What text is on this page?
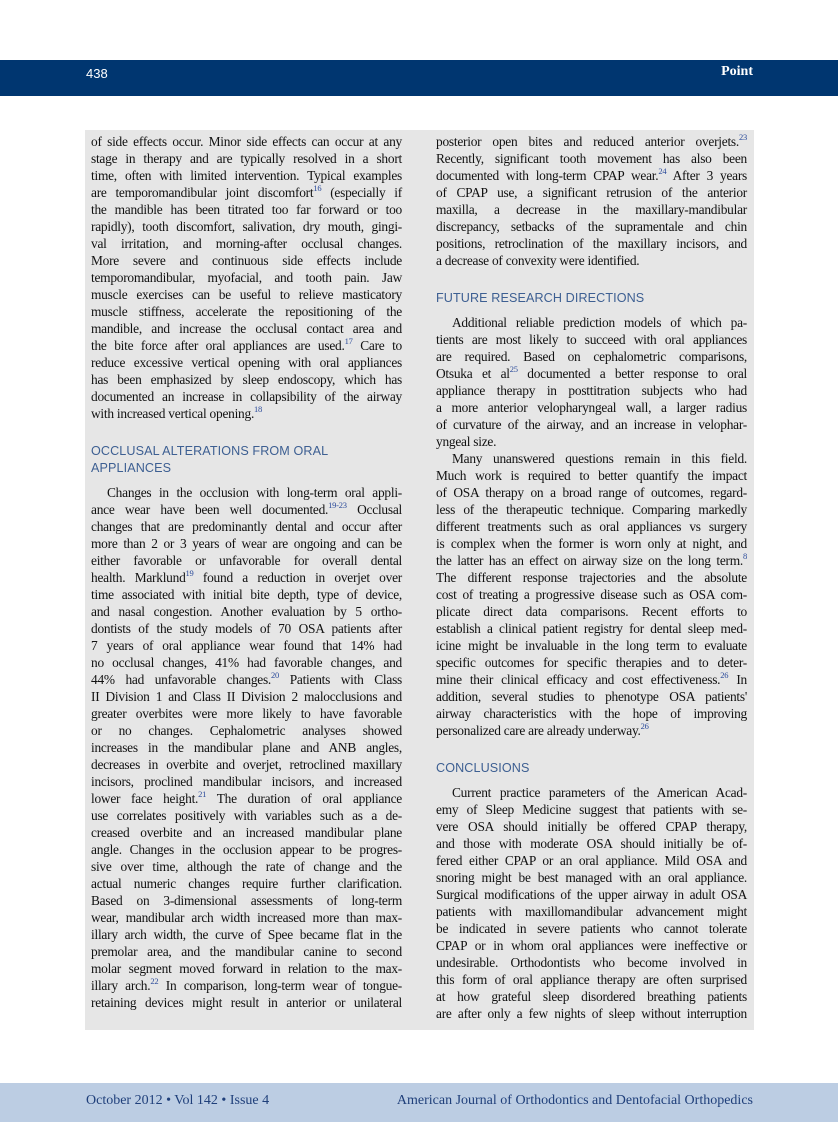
438	Point
of side effects occur. Minor side effects can occur at any
stage in therapy and are typically resolved in a short
time, often with limited intervention. Typical examples
are temporomandibular joint discomfort$^{16}$ (especially if
the mandible has been titrated too far forward or too
rapidly), tooth discomfort, salivation, dry mouth, gingi-
val irritation, and morning-after occlusal changes.
More severe and continuous side effects include
temporomandibular, myofacial, and tooth pain. Jaw
muscle exercises can be useful to relieve masticatory
muscle stiffness, accelerate the repositioning of the
mandible, and increase the occlusal contact area and
the bite force after oral appliances are used.$^{17}$ Care to
reduce excessive vertical opening with oral appliances
has been emphasized by sleep endoscopy, which has
documented an increase in collapsibility of the airway
with increased vertical opening.$^{18}$
OCCLUSAL ALTERATIONS FROM ORAL
APPLIANCES
Changes in the occlusion with long-term oral appli-
ance wear have been well documented.$^{19-23}$ Occlusal
changes that are predominantly dental and occur after
more than 2 or 3 years of wear are ongoing and can be
either favorable or unfavorable for overall dental
health. Marklund$^{19}$ found a reduction in overjet over
time associated with initial bite depth, type of device,
and nasal congestion. Another evaluation by 5 ortho-
dontists of the study models of 70 OSA patients after
7 years of oral appliance wear found that 14% had
no occlusal changes, 41% had favorable changes, and
44% had unfavorable changes.$^{20}$ Patients with Class
II Division 1 and Class II Division 2 malocclusions and
greater overbites were more likely to have favorable
or no changes. Cephalometric analyses showed
increases in the mandibular plane and ANB angles,
decreases in overbite and overjet, retroclined maxillary
incisors, proclined mandibular incisors, and increased
lower face height.$^{21}$ The duration of oral appliance
use correlates positively with variables such as a de-
creased overbite and an increased mandibular plane
angle. Changes in the occlusion appear to be progres-
sive over time, although the rate of change and the
actual numeric changes require further clarification.
Based on 3-dimensional assessments of long-term
wear, mandibular arch width increased more than max-
illary arch width, the curve of Spee became flat in the
premolar area, and the mandibular canine to second
molar segment moved forward in relation to the max-
illary arch.$^{22}$ In comparison, long-term wear of tongue-
retaining devices might result in anterior or unilateral
posterior open bites and reduced anterior overjets.$^{23}$
Recently, significant tooth movement has also been
documented with long-term CPAP wear.$^{24}$ After 3 years
of CPAP use, a significant retrusion of the anterior
maxilla, a decrease in the maxillary-mandibular
discrepancy, setbacks of the supramentale and chin
positions, retroclination of the maxillary incisors, and
a decrease of convexity were identified.
FUTURE RESEARCH DIRECTIONS
Additional reliable prediction models of which pa-
tients are most likely to succeed with oral appliances
are required. Based on cephalometric comparisons,
Otsuka et $al^{25}$ documented a better response to oral
appliance therapy in posttitration subjects who had
a more anterior velopharyngeal wall, a larger radius
of curvature of the airway, and an increase in velophar-
yngeal size.
Many unanswered questions remain in this field.
Much work is required to better quantify the impact
of OSA therapy on a broad range of outcomes, regard-
less of the therapeutic technique. Comparing markedly
different treatments such as oral appliances vs surgery
is complex when the former is worn only at night, and
the latter has an effect on airway size on the long term.$^8$
The different response trajectories and the absolute
cost of treating a progressive disease such as OSA com-
plicate direct data comparisons. Recent efforts to
establish a clinical patient registry for dental sleep med-
icine might be invaluable in the long term to evaluate
specific outcomes for specific therapies and to deter-
mine their clinical efficacy and cost effectiveness.$^{26}$ In
addition, several studies to phenotype OSA patients'
airway characteristics with the hope of improving
personalized care are already underway.$^{26}$
CONCLUSIONS
Current practice parameters of the American Acad-
emy of Sleep Medicine suggest that patients with se-
vere OSA should initially be offered CPAP therapy,
and those with moderate OSA should initially be of-
fered either CPAP or an oral appliance. Mild OSA and
snoring might be best managed with an oral appliance.
Surgical modifications of the upper airway in adult OSA
patients with maxillomandibular advancement might
be indicated in severe patients who cannot tolerate
CPAP or in whom oral appliances were ineffective or
undesirable. Orthodontists who become involved in
this form of oral appliance therapy are often surprised
at how grateful sleep disordered breathing patients
are after only a few nights of sleep without interruption
October 2012 • Vol 142 • Issue 4	American Journal of Orthodontics and Dentofacial Orthopedics
